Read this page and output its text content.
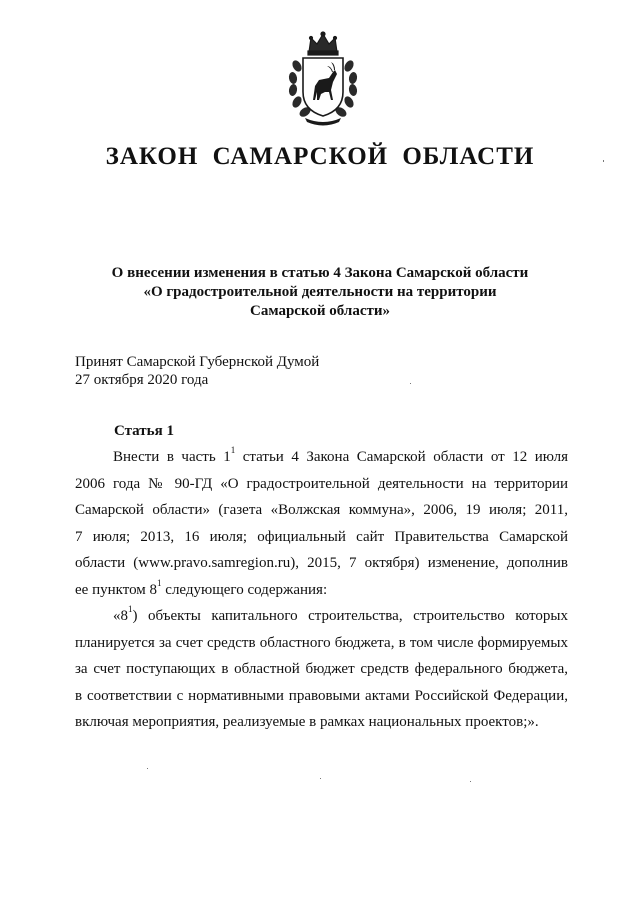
ЗАКОН САМАРСКОЙ ОБЛАСТИ
О внесении изменения в статью 4 Закона Самарской области
«О градостроительной деятельности на территории
Самарской области»
Принят Самарской Губернской Думой
27 октября 2020 года
Статья 1
Внести в часть $1^1$ статьи 4 Закона Самарской области от 12 июля
2006 года № 90-ГД «О градостроительной деятельности на территории
Самарской области» (газета «Волжская коммуна», 2006, 19 июля; 2011,
7 июля; 2013, 16 июля; официальный сайт Правительства Самарской
области (www.pravo.samregion.ru), 2015, 7 октября) изменение, дополнив
ее пунктом $8^1$ следующего содержания:
«$8^1$) объекты капитального строительства, строительство которых
планируется за счет средств областного бюджета, в том числе формируемых
за счет поступающих в областной бюджет средств федерального бюджета,
в соответствии с нормативными правовыми актами Российской Федерации,
включая мероприятия, реализуемые в рамках национальных проектов;».
